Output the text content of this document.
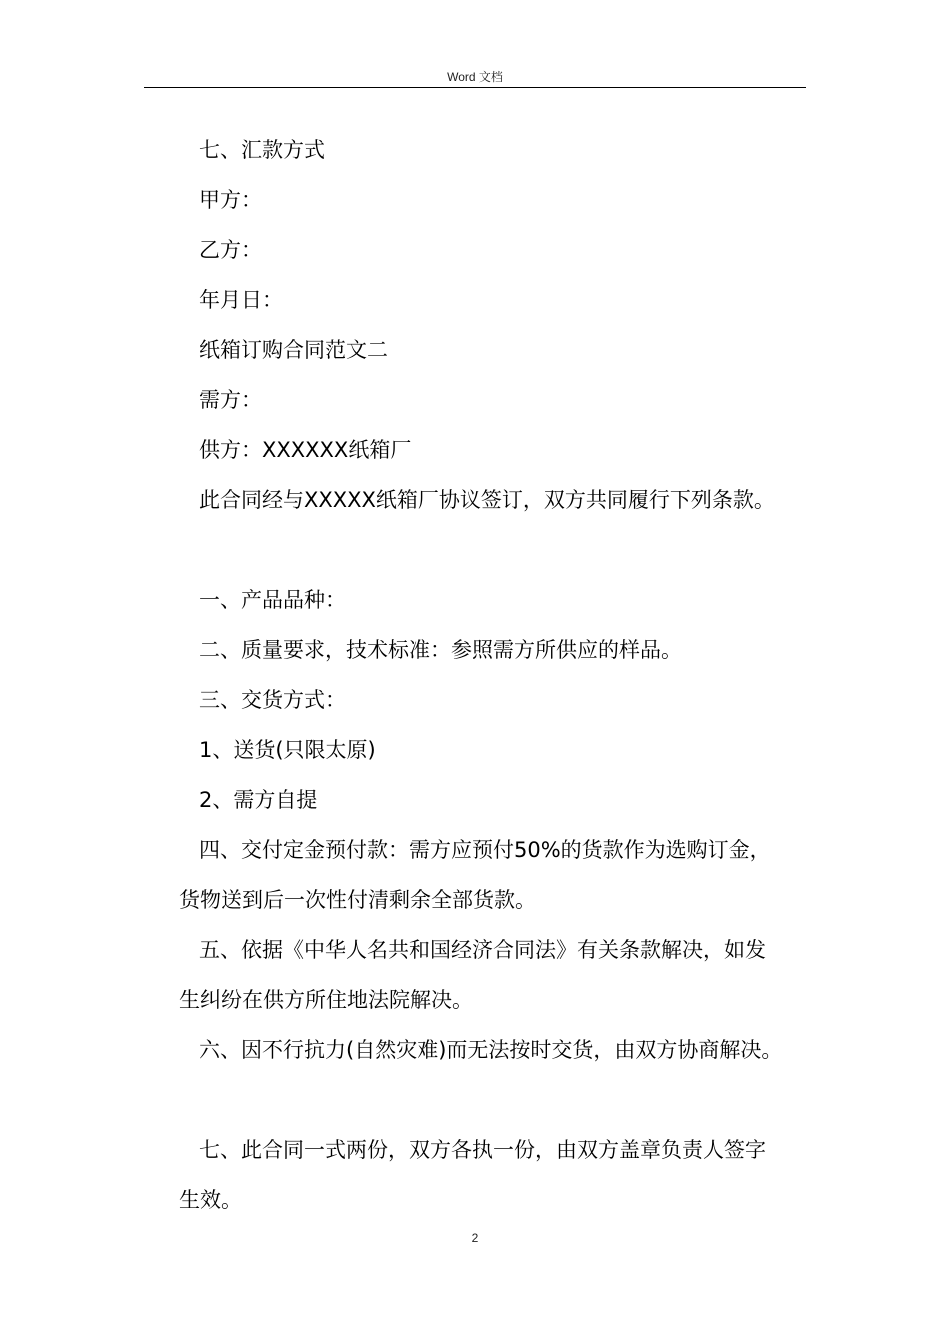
Word 文档

七、汇款方式

甲方：

乙方：

年月日：

纸箱订购合同范文二

需方：

供方：XXXXXX纸箱厂

此合同经与XXXXX纸箱厂协议签订，双方共同履行下列条款。

一、产品品种：

二、质量要求，技术标准：参照需方所供应的样品。

三、交货方式：

1、送货(只限太原)

2、需方自提

四、交付定金预付款：需方应预付50%的货款作为选购订金，

货物送到后一次性付清剩余全部货款。

五、依据《中华人名共和国经济合同法》有关条款解决，如发

生纠纷在供方所住地法院解决。

六、因不行抗力(自然灾难)而无法按时交货，由双方协商解决。

七、此合同一式两份，双方各执一份，由双方盖章负责人签字

生效。

2
